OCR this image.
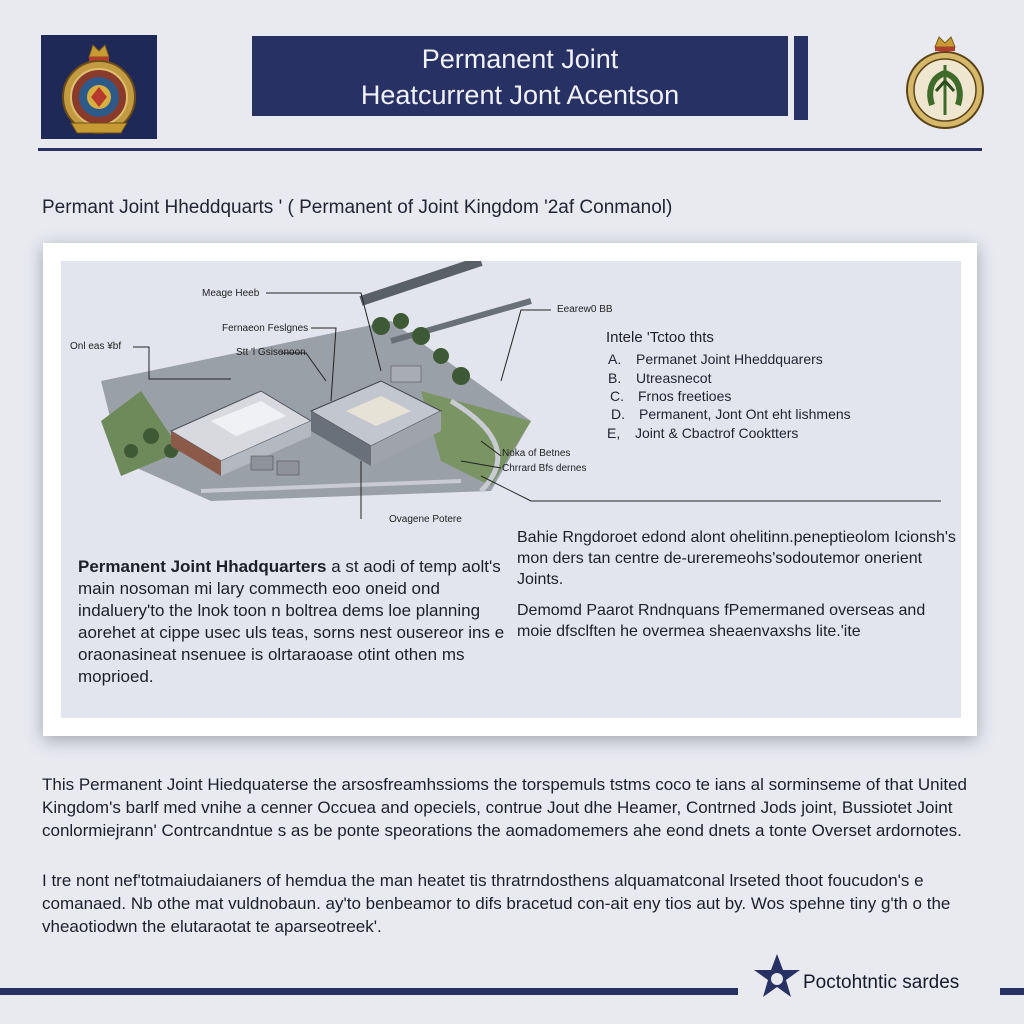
Permanent Joint
Heatcurrent Jont Acentson
Permant Joint Hheddquarts ' ( Permanent of Joint Kingdom '2af Conmanol)
Meage Heeb
Fernaeon Feslgnes
Onl eas ¥bf
Stt 'l Gsisenoon
Eearew0 BB
Noka of Betnes
Chrrard Bfs dernes
Ovagene Potere
Intele 'Tctoo thts
A. Permanet Joint Hheddquarers
B. Utreasnecot
C. Frnos freetioes
D. Permanent, Jont Ont eht lishmens
E, Joint & Cbactrof Cooktters
Permanent Joint Hhadquarters a st aodi of temp aolt's main nosoman mi lary commecth eoo oneid ond indaluery'to the lnok toon n boltrea dems loe planning aorehet at cippe usec uls teas, sorns nest ousereor ins e oraonasineat nsenuee is olrtaraoase otint othen ms moprioed.
Bahie Rngdoroet edond alont ohelitinn.peneptieolom Icionsh's mon ders tan centre de-ureremeohs'sodoutemor onerient Joints.
Demomd Paarot Rndnquans fPemermaned overseas and moie dfsclften he overmea sheaenvaxshs lite.'ite
This Permanent Joint Hiedquaterse the arsosfreamhssioms the torspemuls tstms coco te ians al sorminseme of that United Kingdom's barlf med vnihe a cenner Occuea and opeciels, contrue Jout dhe Heamer, Contrned Jods joint, Bussiotet Joint conlormiejrann' Contrcandntue s as be ponte speorations the aomadomemers ahe eond dnets a tonte Overset ardornotes.
I tre nont nef'totmaiudaianers of hemdua the man heatet tis thratrndosthens alquamatconal lrseted thoot foucudon's e comanaed. Nb othe mat vuldnobaun. ay'to benbeamor to difs bracetud con-ait eny tios aut by. Wos spehne tiny g'th o the vheaotiodwn the elutaraotat te aparseotreek'.
Poctohtntic sardes
